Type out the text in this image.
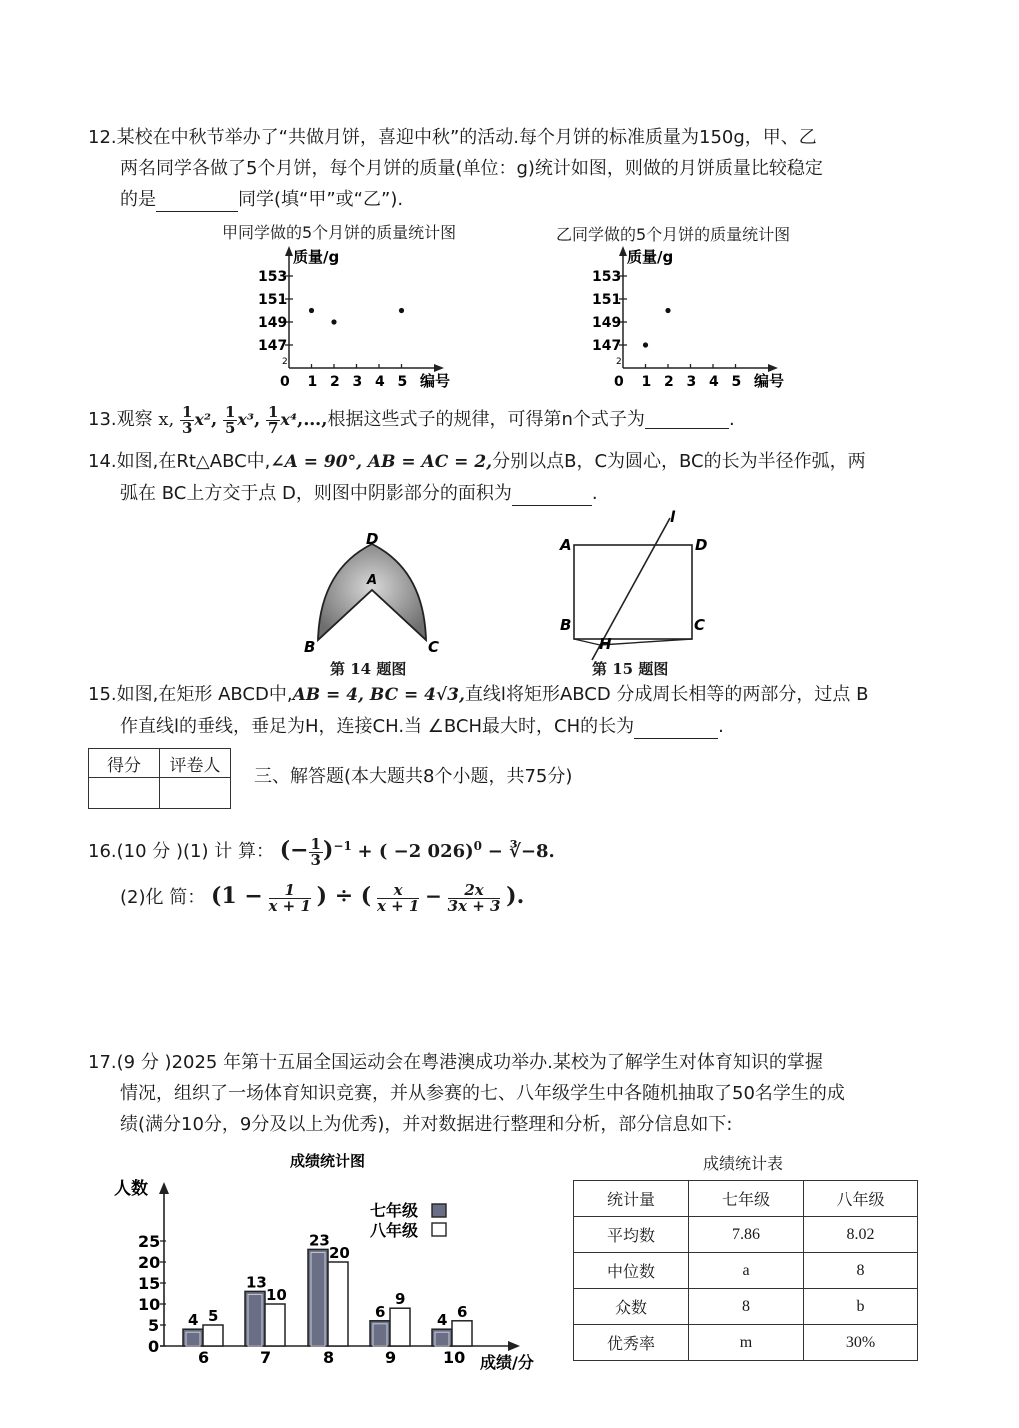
12.某校在中秋节举办了“共做月饼，喜迎中秋”的活动.每个月饼的标准质量为150g，甲、乙
两名同学各做了5个月饼，每个月饼的质量(单位：g)统计如图，则做的月饼质量比较稳定
的是	同学(填“甲”或“乙”).
甲同学做的5个月饼的质量统计图	乙同学做的5个月饼的质量统计图
质量/g
编号
0
2
147
149
151
153
1 2 3 4 5
质量/g
编号
0
2
147
149
151
153
1 2 3 4 5
13.观察 x, $\frac{1}{3} x^2$, $\frac{1}{5} x^3$, $\frac{1}{7}$ x⁴,…,根据这些式子的规律，可得第n个式子为	.
14.如图,在Rt△ABC中,∠A = 90°, AB = AC = 2,分别以点B，C为圆心，BC的长为半径作弧，两
弧在 BC上方交于点 D，则图中阴影部分的面积为	.
D
A
B	C
第 14 题图
A	D
B	C
H
l
第 15 题图
15.如图,在矩形 ABCD中,AB = 4, BC = 4√3,直线l将矩形ABCD 分成周长相等的两部分，过点 B
作直线l的垂线，垂足为H，连接CH.当 ∠BCH最大时，CH的长为	.
得分	评卷人

三、解答题(本大题共8个小题，共75分)
16.(10 分 )(1) 计 算： (− $\frac{1}{3} )^{-1}$ + ( −2 026)$^0$ − ∛−8.
(2)化 简： ($1 - \frac{1}{x + 1}$ ) ÷ ( $\frac{x}{x + 1} - \frac{2x}{3x + 3}$ ).
17.(9 分 )2025 年第十五届全国运动会在粤港澳成功举办.某校为了解学生对体育知识的掌握
情况，组织了一场体育知识竞赛，并从参赛的七、八年级学生中各随机抽取了50名学生的成
绩(满分10分，9分及以上为优秀)，并对数据进行整理和分析，部分信息如下:
成绩统计图
人数
成绩/分
七年级
八年级
0
5
10
15
20
25
6	7	8	9	10
4 5
13
10
23
20
6
9
4 6
成绩统计表
统计量	七年级	八年级
平均数	7.86	8.02
中位数	a	8
众数	8	b
优秀率	m	30%
